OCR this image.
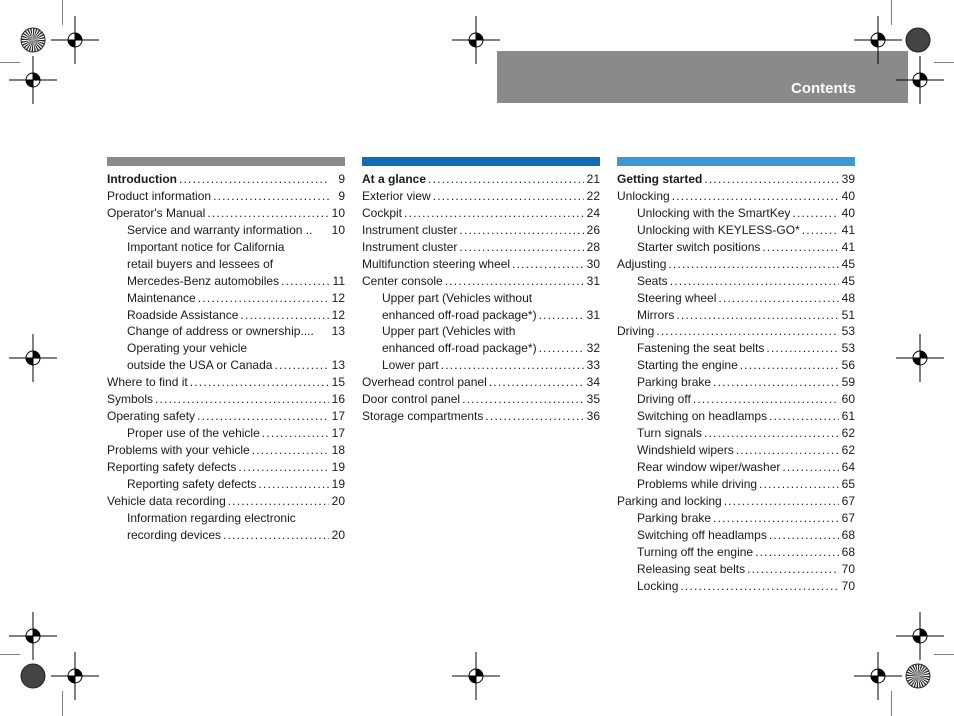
Contents
Introduction .....	9
Product information .....	9
Operator's Manual .....	10
Service and warranty information .. 10
Important notice for California
retail buyers and lessees of
Mercedes-Benz automobiles .....	11
Maintenance .....	12
Roadside Assistance .....	12
Change of address or ownership.... 13
Operating your vehicle
outside the USA or Canada .....	13
Where to find it .....	15
Symbols .....	16
Operating safety .....	17
Proper use of the vehicle .....	17
Problems with your vehicle .....	18
Reporting safety defects .....	19
Reporting safety defects .....	19
Vehicle data recording .....	20
Information regarding electronic
recording devices .....	20
At a glance .....	21
Exterior view .....	22
Cockpit .....	24
Instrument cluster .....	26
Instrument cluster .....	28
Multifunction steering wheel .....	30
Center console .....	31
Upper part (Vehicles without
enhanced off-road package*) .....	31
Upper part (Vehicles with
enhanced off-road package*) .....	32
Lower part .....	33
Overhead control panel .....	34
Door control panel .....	35
Storage compartments .....	36
Getting started .....	39
Unlocking .....	40
Unlocking with the SmartKey .....	40
Unlocking with KEYLESS-GO* .....	41
Starter switch positions .....	41
Adjusting .....	45
Seats .....	45
Steering wheel .....	48
Mirrors .....	51
Driving .....	53
Fastening the seat belts .....	53
Starting the engine .....	56
Parking brake .....	59
Driving off .....	60
Switching on headlamps .....	61
Turn signals .....	62
Windshield wipers .....	62
Rear window wiper/washer .....	64
Problems while driving .....	65
Parking and locking .....	67
Parking brake .....	67
Switching off headlamps .....	68
Turning off the engine .....	68
Releasing seat belts .....	70
Locking .....	70
